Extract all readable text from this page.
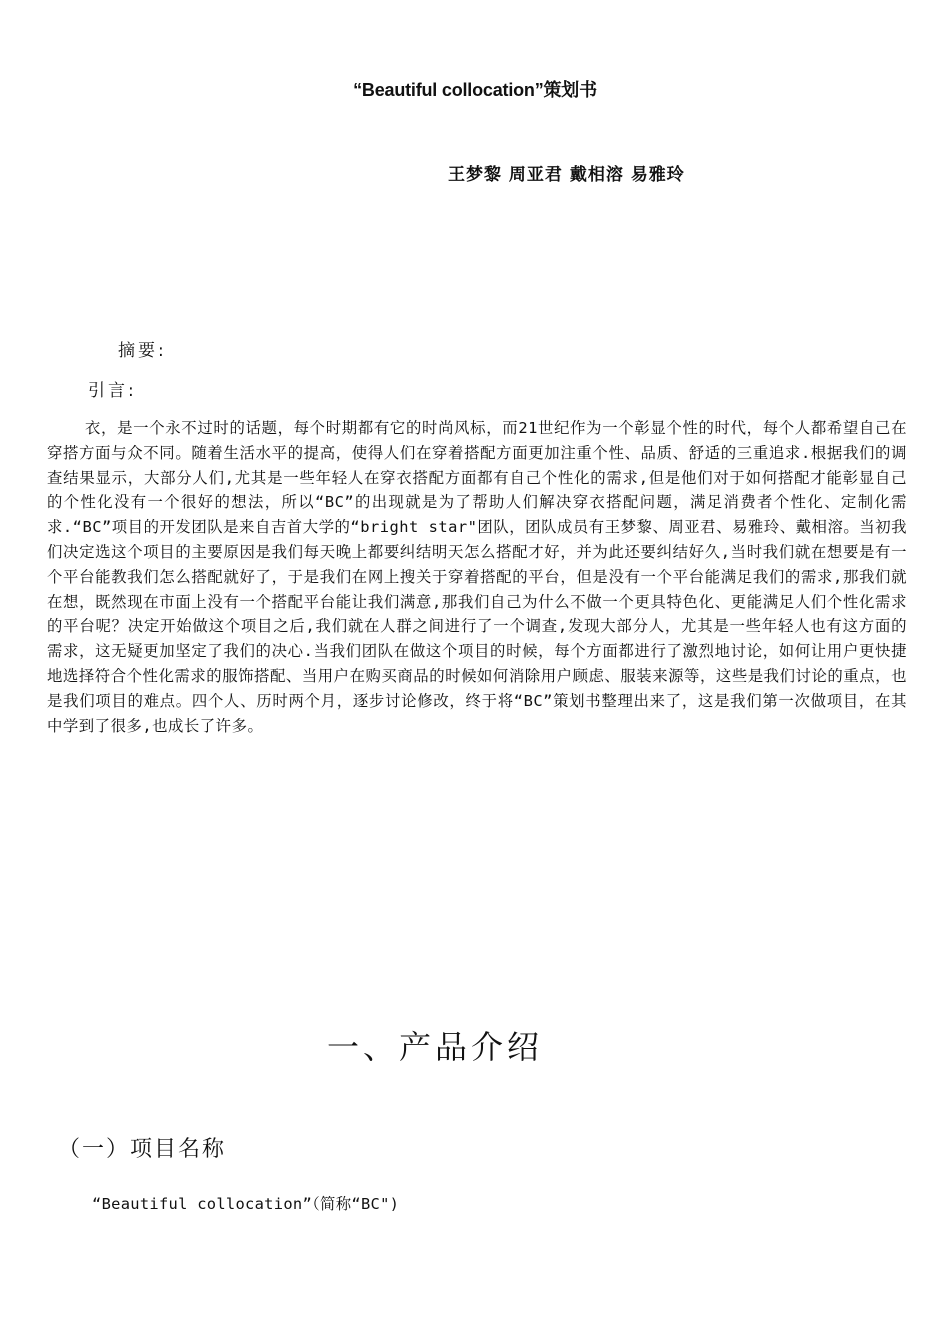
“Beautiful collocation”策划书
王梦黎 周亚君 戴相溶 易雅玲
摘要:
引言:
衣，是一个永不过时的话题，每个时期都有它的时尚风标，而21世纪作为一个彰显个性的时代，每个人都希望自己在穿搭方面与众不同。随着生活水平的提高，使得人们在穿着搭配方面更加注重个性、品质、舒适的三重追求.根据我们的调查结果显示，大部分人们,尤其是一些年轻人在穿衣搭配方面都有自己个性化的需求,但是他们对于如何搭配才能彰显自己的个性化没有一个很好的想法，所以“BC”的出现就是为了帮助人们解决穿衣搭配问题，满足消费者个性化、定制化需求.“BC”项目的开发团队是来自吉首大学的“bright star"团队，团队成员有王梦黎、周亚君、易雅玲、戴相溶。当初我们决定选这个项目的主要原因是我们每天晚上都要纠结明天怎么搭配才好，并为此还要纠结好久,当时我们就在想要是有一个平台能教我们怎么搭配就好了，于是我们在网上搜关于穿着搭配的平台，但是没有一个平台能满足我们的需求,那我们就在想，既然现在市面上没有一个搭配平台能让我们满意,那我们自己为什么不做一个更具特色化、更能满足人们个性化需求的平台呢？决定开始做这个项目之后,我们就在人群之间进行了一个调查,发现大部分人，尤其是一些年轻人也有这方面的需求，这无疑更加坚定了我们的决心.当我们团队在做这个项目的时候，每个方面都进行了激烈地讨论，如何让用户更快捷地选择符合个性化需求的服饰搭配、当用户在购买商品的时候如何消除用户顾虑、服装来源等，这些是我们讨论的重点，也是我们项目的难点。四个人、历时两个月，逐步讨论修改，终于将“BC”策划书整理出来了，这是我们第一次做项目，在其中学到了很多,也成长了许多。
一、产品介绍
（一）项目名称
“Beautiful collocation”（简称“BC")
